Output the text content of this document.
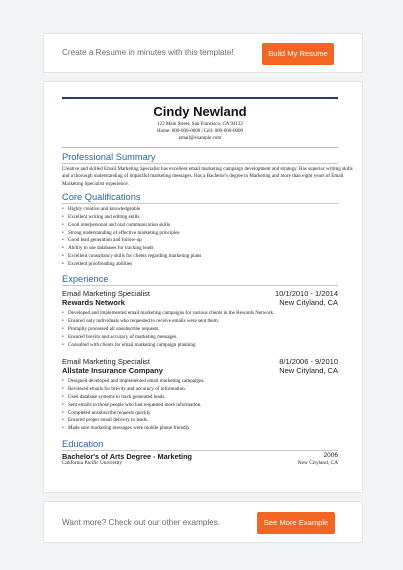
Create a Resume in minutes with this template!	Build My Resume
Cindy Newland
123 Main Street, San Francisco, CA 94122
Home: 000-000-0000 | Cell: 000-000-0000
email@example.com
Professional Summary
Creative and skilled Email Marketing Specialist has excellent email marketing campaign development and strategy. Has superior writing skills and a thorough understanding of impactful marketing messages. Has a Bachelor's degree in Marketing and more than eight years of Email Marketing Specialist experience.
Core Qualifications
• Highly creative and knowledgeable
• Excellent writing and editing skills
• Good interpersonal and oral communication skills
• Strong understanding of effective marketing principles
• Good lead generation and follow-up
• Ability to use databases for tracking leads
• Excellent consultancy skills for clients regarding marketing plans
• Excellent proofreading abilities
Experience
Email Marketing Specialist	10/1/2010 - 1/2014
Rewards Network	New Cityland, CA
• Developed and implemented email marketing campaigns for various clients in the Rewards Network.
• Ensured only individuals who requested to receive emails were sent them.
• Promptly processed all unsubscribe requests.
• Ensured brevity and accuracy of marketing messages.
• Consulted with clients for email marketing campaign planning.
Email Marketing Specialist	8/1/2006 - 9/2010
Allstate Insurance Company	New Cityland, CA
• Designed developed and implemented email marketing campaigns.
• Reviewed emails for brevity and accuracy of information.
• Used database systems to track generated leads.
• Sent emails to those people who had requested more information.
• Completed unsubscribe requests quickly.
• Ensured proper email delivery to leads.
• Made sure marketing messages were mobile phone friendly.
Education
Bachelor's of Arts Degree - Marketing	2006
California Pacific University	New Cityland, CA
Want more? Check out our other examples.	See More Example
